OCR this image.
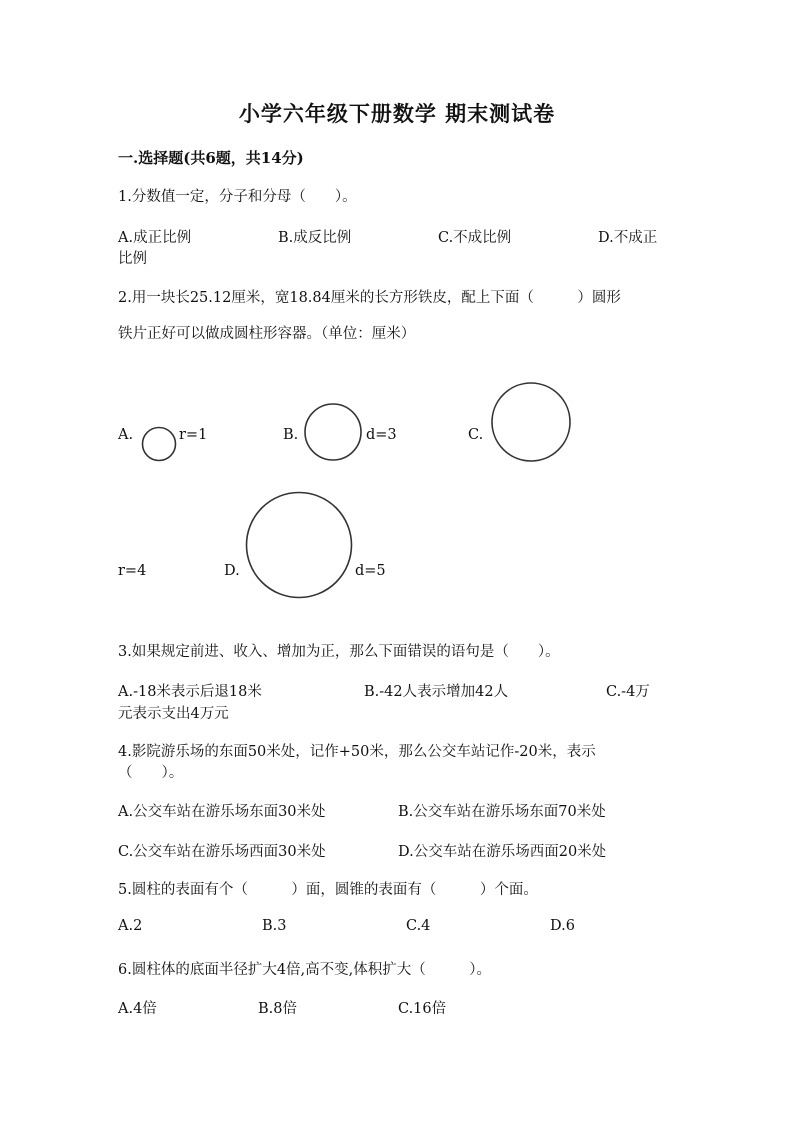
小学六年级下册数学 期末测试卷
一.选择题(共6题，共14分)
1.分数值一定，分子和分母（　　）。
A.成正比例	B.成反比例	C.不成比例	D.不成正
比例
2.用一块长25.12厘米，宽18.84厘米的长方形铁皮，配上下面（　　　）圆形
铁片正好可以做成圆柱形容器。（单位：厘米）
A.	r=1	B.	d=3	C.
r=4	D.	d=5
3.如果规定前进、收入、增加为正，那么下面错误的语句是（　　）。
A.-18米表示后退18米	B.-42人表示增加42人	C.-4万
元表示支出4万元
4.影院游乐场的东面50米处，记作+50米，那么公交车站记作-20米，表示
（　　）。
A.公交车站在游乐场东面30米处	B.公交车站在游乐场东面70米处
C.公交车站在游乐场西面30米处	D.公交车站在游乐场西面20米处
5.圆柱的表面有个（　　　）面，圆锥的表面有（　　　）个面。
A.2	B.3	C.4	D.6
6.圆柱体的底面半径扩大4倍,高不变,体积扩大（　　　）。
A.4倍	B.8倍	C.16倍
